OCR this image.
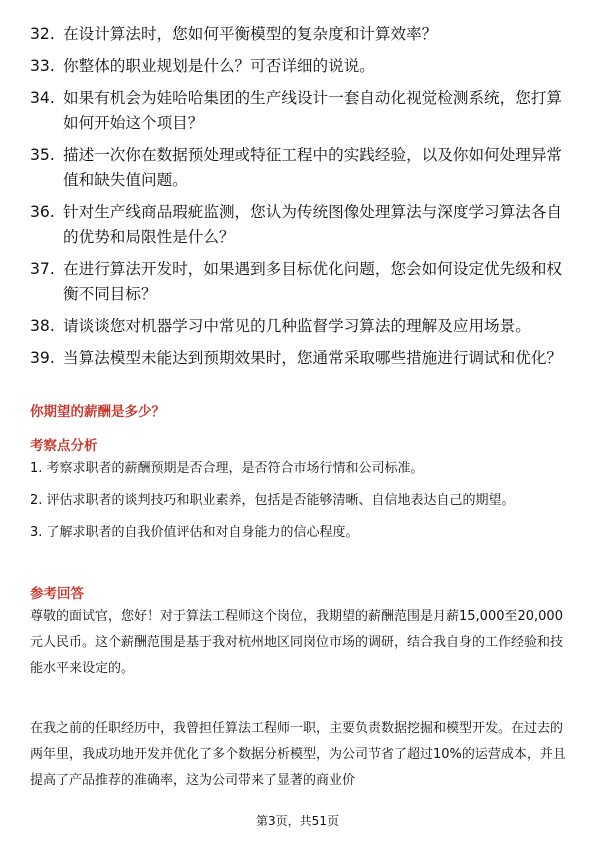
32. 在设计算法时，您如何平衡模型的复杂度和计算效率？
33. 你整体的职业规划是什么？可否详细的说说。
34. 如果有机会为娃哈哈集团的生产线设计一套自动化视觉检测系统，您打算如何开始这个项目？
35. 描述一次你在数据预处理或特征工程中的实践经验，以及你如何处理异常值和缺失值问题。
36. 针对生产线商品瑕疵监测，您认为传统图像处理算法与深度学习算法各自的优势和局限性是什么？
37. 在进行算法开发时，如果遇到多目标优化问题，您会如何设定优先级和权衡不同目标？
38. 请谈谈您对机器学习中常见的几种监督学习算法的理解及应用场景。
39. 当算法模型未能达到预期效果时，您通常采取哪些措施进行调试和优化？
你期望的薪酬是多少？
考察点分析
1. 考察求职者的薪酬预期是否合理，是否符合市场行情和公司标准。
2. 评估求职者的谈判技巧和职业素养，包括是否能够清晰、自信地表达自己的期望。
3. 了解求职者的自我价值评估和对自身能力的信心程度。
参考回答
尊敬的面试官，您好！对于算法工程师这个岗位，我期望的薪酬范围是月薪15,000至20,000元人民币。这个薪酬范围是基于我对杭州地区同岗位市场的调研，结合我自身的工作经验和技能水平来设定的。
在我之前的任职经历中，我曾担任算法工程师一职，主要负责数据挖掘和模型开发。在过去的两年里，我成功地开发并优化了多个数据分析模型，为公司节省了超过10%的运营成本，并且提高了产品推荐的准确率，这为公司带来了显著的商业价
第3页，共51页
